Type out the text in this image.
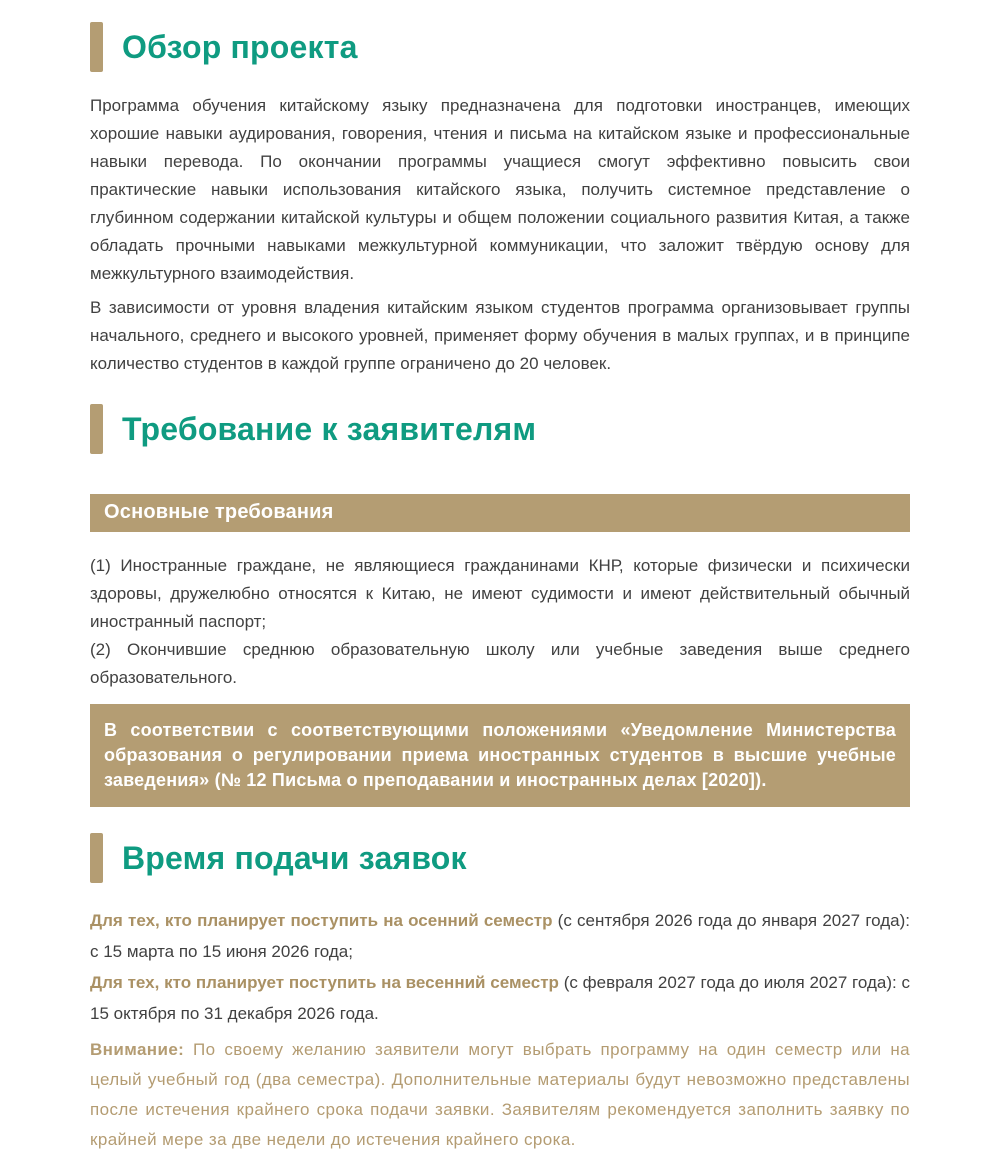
Обзор проекта

Программа обучения китайскому языку предназначена для подготовки иностранцев, имеющих хорошие навыки аудирования, говорения, чтения и письма на китайском языке и профессиональные навыки перевода. По окончании программы учащиеся смогут эффективно повысить свои практические навыки использования китайского языка, получить системное представление о глубинном содержании китайской культуры и общем положении социального развития Китая, а также обладать прочными навыками межкультурной коммуникации, что заложит твёрдую основу для межкультурного взаимодействия.

В зависимости от уровня владения китайским языком студентов программа организовывает группы начального, среднего и высокого уровней, применяет форму обучения в малых группах, и в принципе количество студентов в каждой группе ограничено до 20 человек.

Требование к заявителям
Основные требования

(1) Иностранные граждане, не являющиеся гражданинами КНР, которые физически и психически здоровы, дружелюбно относятся к Китаю, не имеют судимости и имеют действительный обычный иностранный паспорт;

(2) Окончившие среднюю образовательную школу или учебные заведения выше среднего образовательного.

В соответствии с соответствующими положениями «Уведомление Министерства образования о регулировании приема иностранных студентов в высшие учебные заведения» (№ 12 Письма о преподавании и иностранных делах [2020]).
Время подачи заявок

Для тех, кто планирует поступить на осенний семестр (с сентября 2026 года до января 2027 года): с 15 марта по 15 июня 2026 года;

Для тех, кто планирует поступить на весенний семестр (с февраля 2027 года до июля 2027 года): с 15 октября по 31 декабря 2026 года.

Внимание: По своему желанию заявители могут выбрать программу на один семестр или на целый учебный год (два семестра). Дополнительные материалы будут невозможно представлены после истечения крайнего срока подачи заявки. Заявителям рекомендуется заполнить заявку по крайней мере за две недели до истечения крайнего срока.
